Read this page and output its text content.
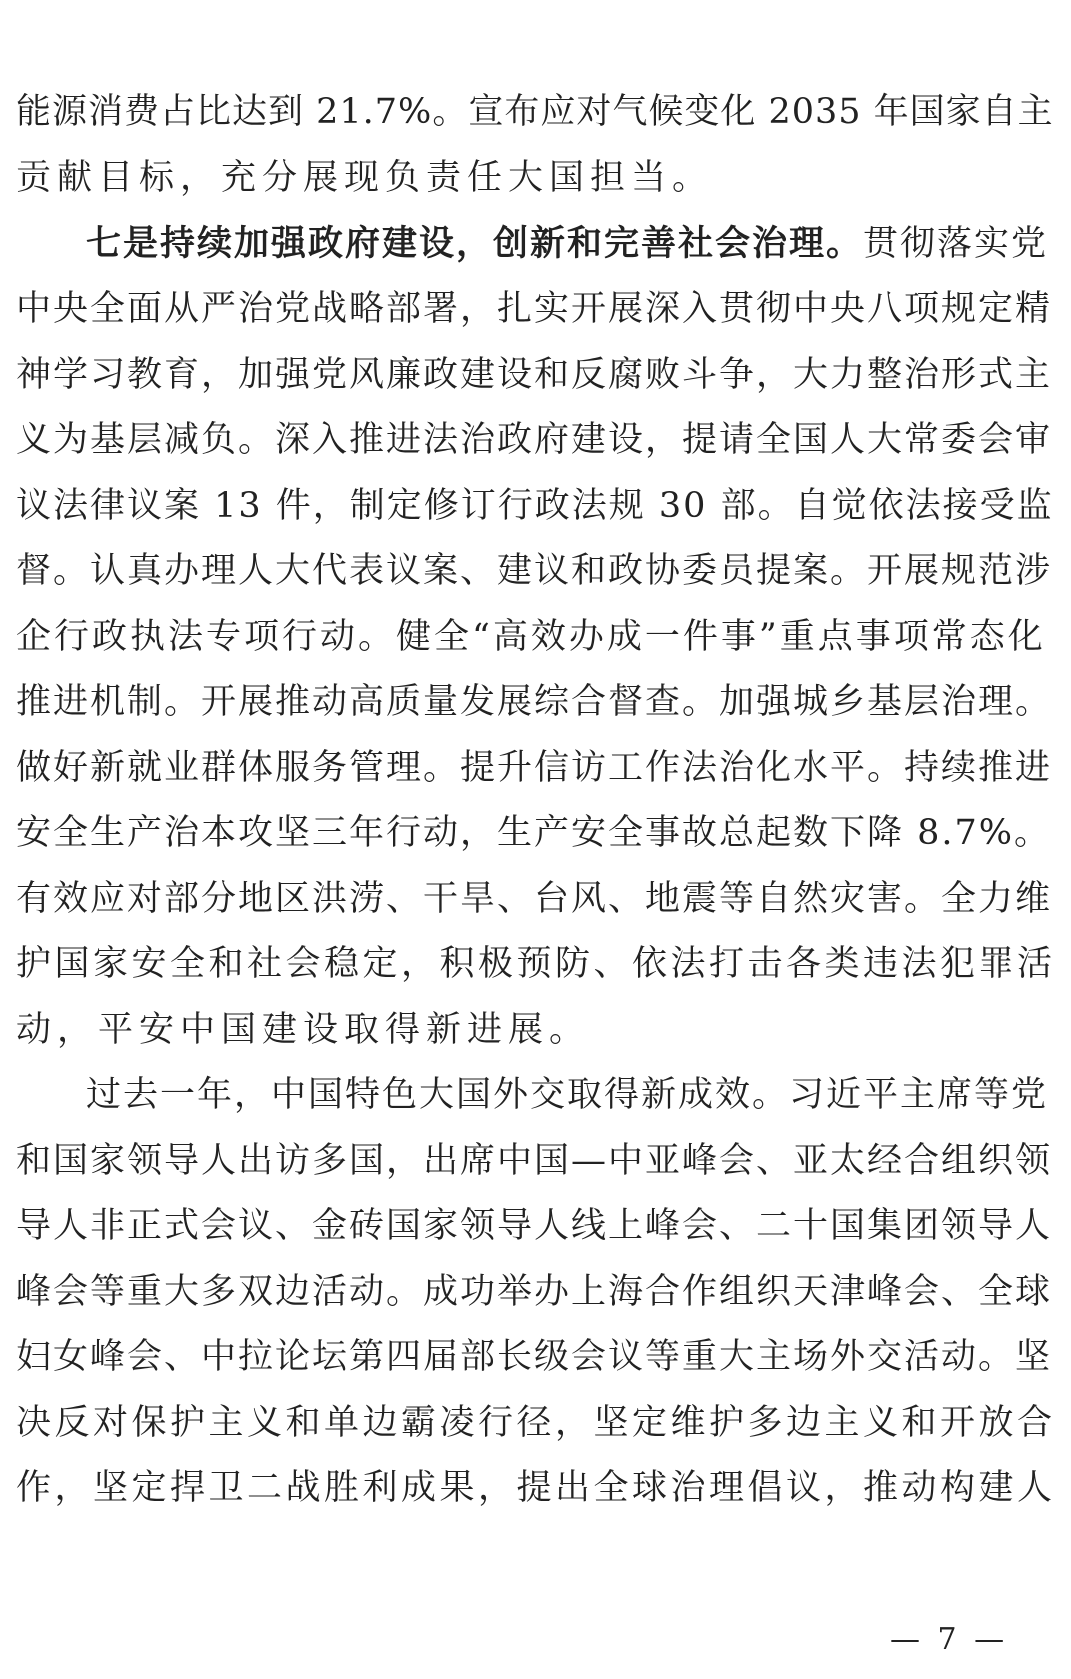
能源消费占比达到 21.7%。宣布应对气候变化 2035 年国家自主
贡献目标，充分展现负责任大国担当。
七是持续加强政府建设，创新和完善社会治理。贯彻落实党
中央全面从严治党战略部署，扎实开展深入贯彻中央八项规定精
神学习教育，加强党风廉政建设和反腐败斗争，大力整治形式主
义为基层减负。深入推进法治政府建设，提请全国人大常委会审
议法律议案 13 件，制定修订行政法规 30 部。自觉依法接受监
督。认真办理人大代表议案、建议和政协委员提案。开展规范涉
企行政执法专项行动。健全“高效办成一件事”重点事项常态化
推进机制。开展推动高质量发展综合督查。加强城乡基层治理。
做好新就业群体服务管理。提升信访工作法治化水平。持续推进
安全生产治本攻坚三年行动，生产安全事故总起数下降 8.7%。
有效应对部分地区洪涝、干旱、台风、地震等自然灾害。全力维
护国家安全和社会稳定，积极预防、依法打击各类违法犯罪活
动，平安中国建设取得新进展。
过去一年，中国特色大国外交取得新成效。习近平主席等党
和国家领导人出访多国，出席中国—中亚峰会、亚太经合组织领
导人非正式会议、金砖国家领导人线上峰会、二十国集团领导人
峰会等重大多双边活动。成功举办上海合作组织天津峰会、全球
妇女峰会、中拉论坛第四届部长级会议等重大主场外交活动。坚
决反对保护主义和单边霸凌行径，坚定维护多边主义和开放合
作，坚定捍卫二战胜利成果，提出全球治理倡议，推动构建人
— 7 —
